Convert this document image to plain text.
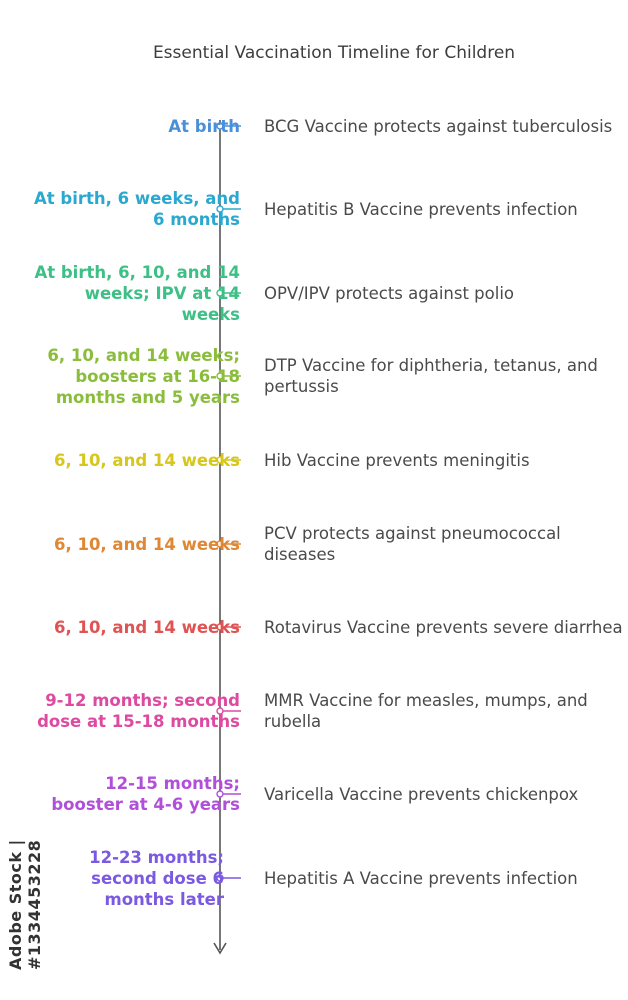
Essential Vaccination Timeline for Children
At birth BCG Vaccine protects against tuberculosis
At birth, 6 weeks, and
6 months
Hepatitis B Vaccine prevents infection
At birth, 6, 10, and 14
weeks; IPV at 14
weeks
OPV/IPV protects against polio
6, 10, and 14 weeks;
boosters at 16-18
months and 5 years
DTP Vaccine for diphtheria, tetanus, and
pertussis
6, 10, and 14 weeks Hib Vaccine prevents meningitis
6, 10, and 14 weeks
PCV protects against pneumococcal
diseases
6, 10, and 14 weeks Rotavirus Vaccine prevents severe diarrhea
9-12 months; second
dose at 15-18 months
MMR Vaccine for measles, mumps, and
rubella
12-15 months;
booster at 4-6 years
Varicella Vaccine prevents chickenpox
12-23 months;
second dose 6
months later
Hepatitis A Vaccine prevents infection
Adobe Stock | #1334453228
